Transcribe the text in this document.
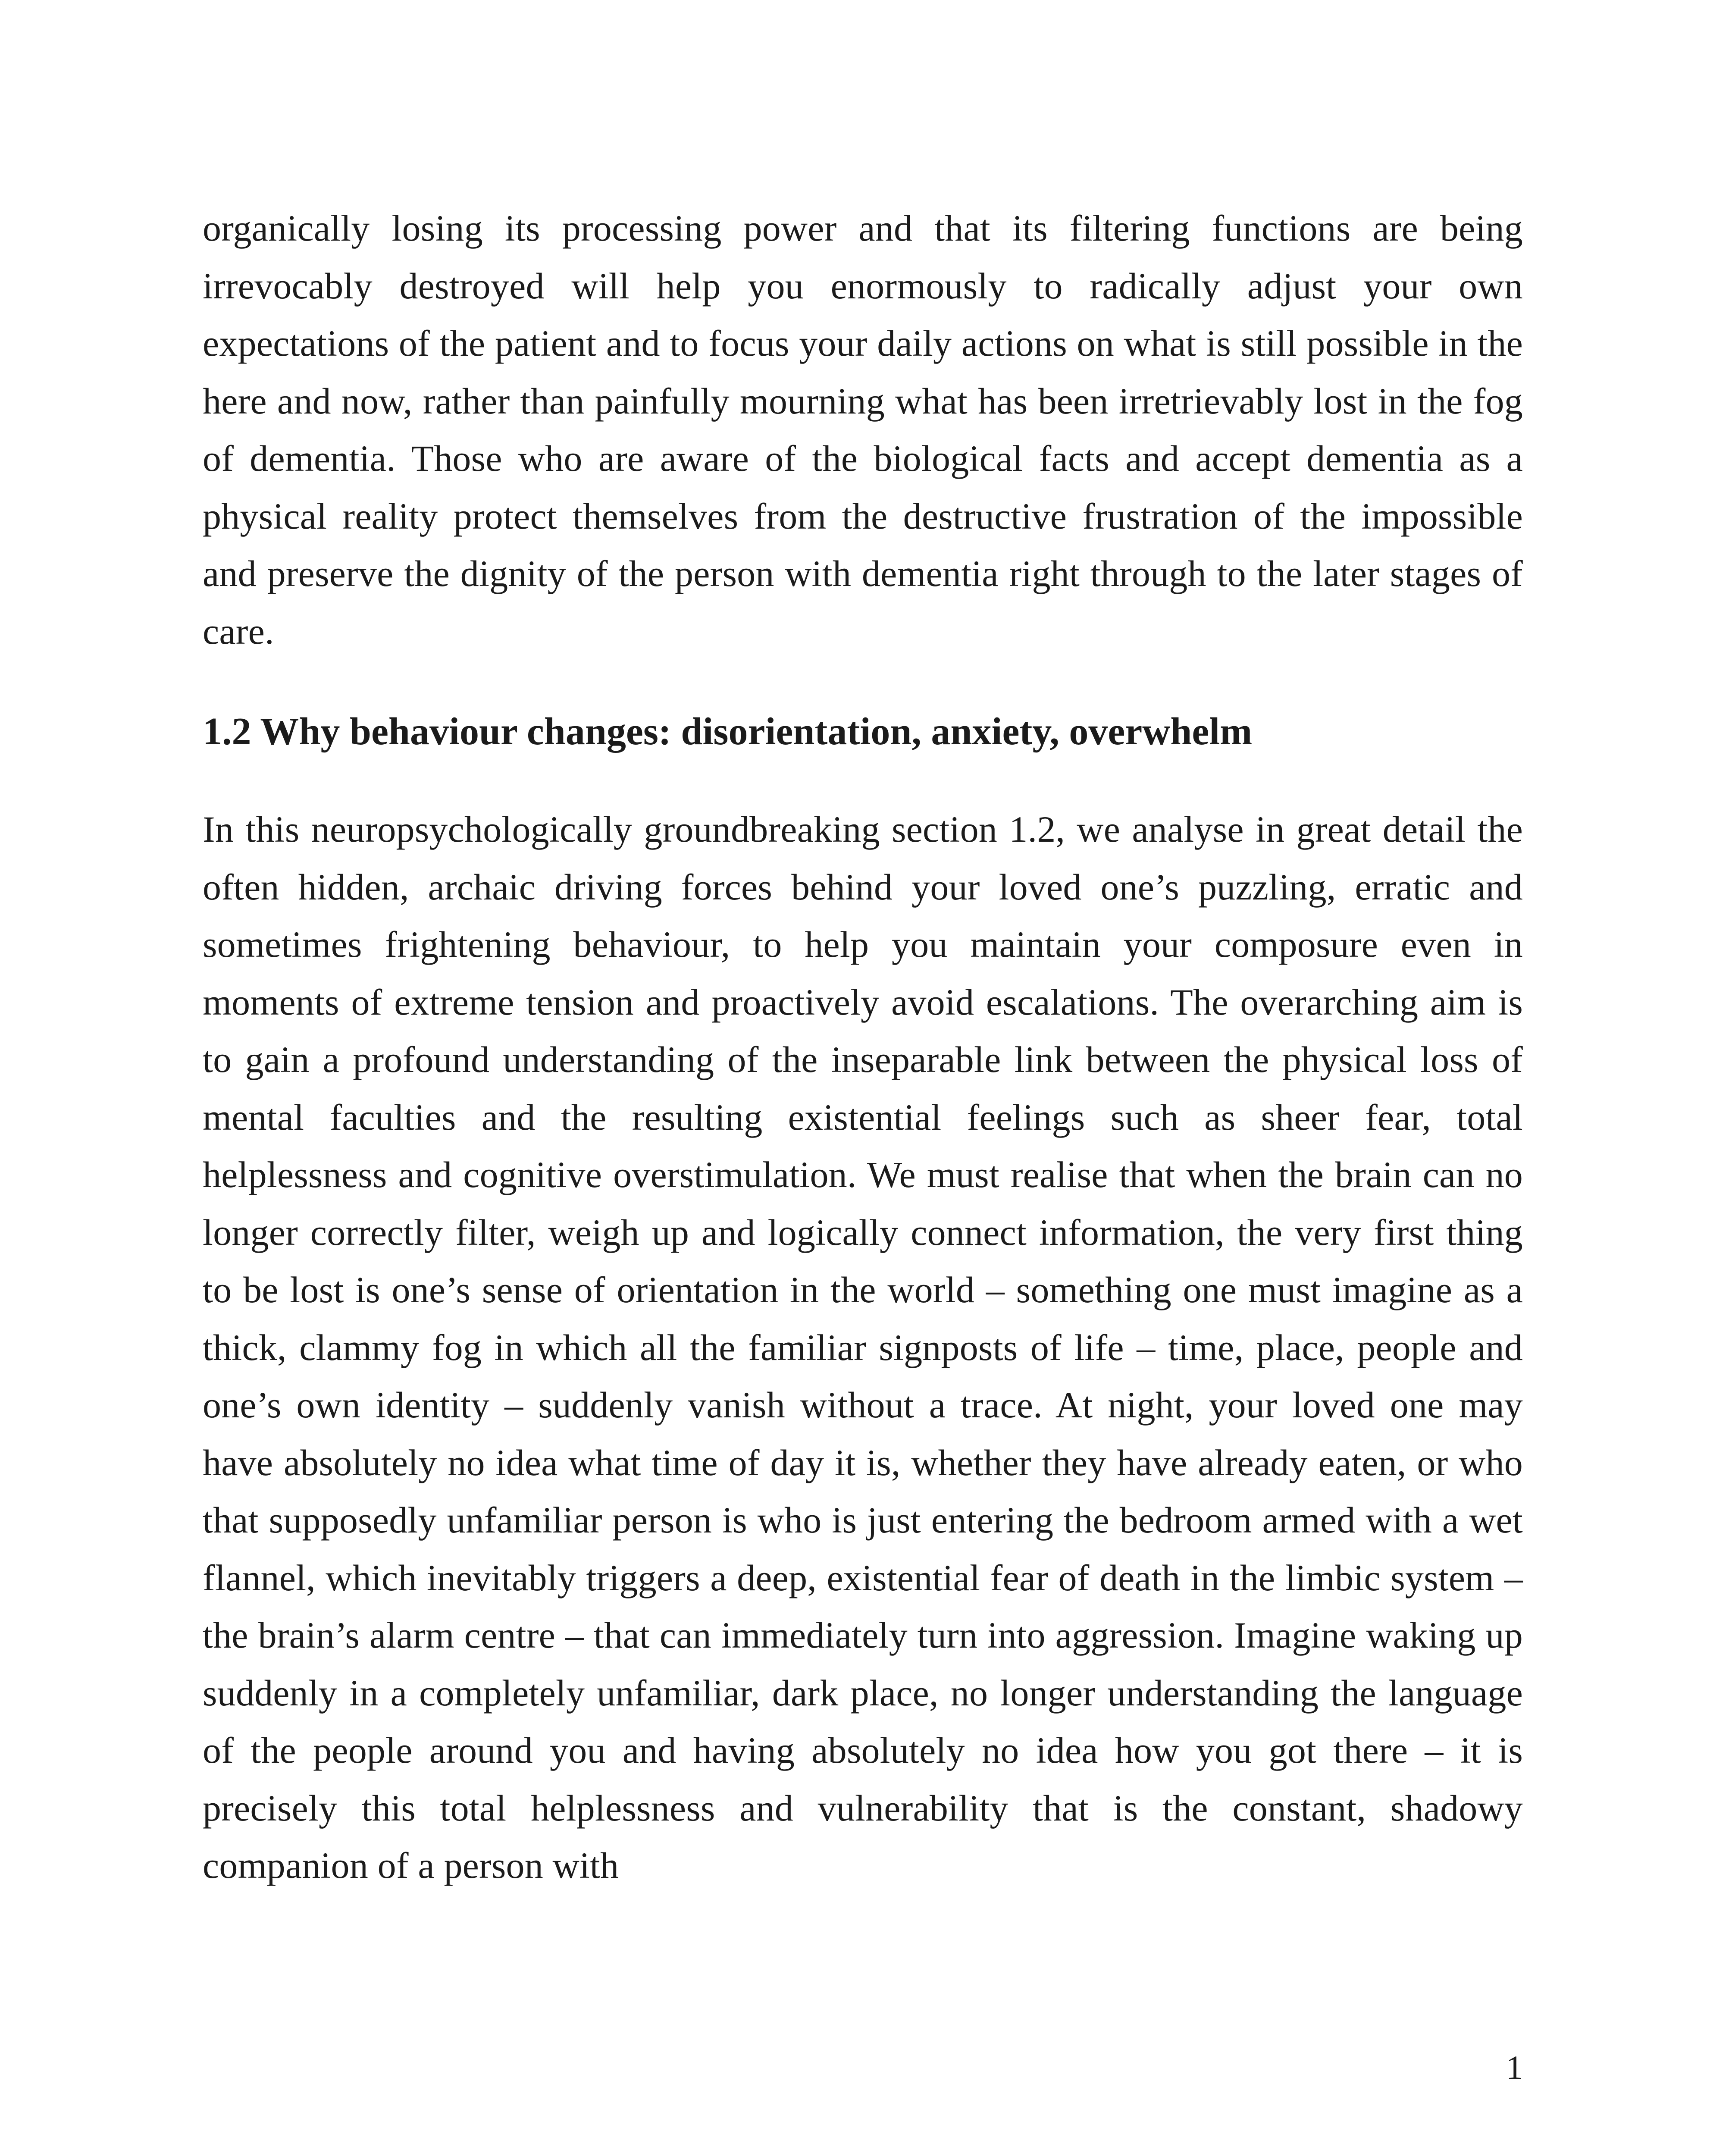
organically losing its processing power and that its filtering functions are being irrevocably destroyed will help you enormously to radically adjust your own expectations of the patient and to focus your daily actions on what is still possible in the here and now, rather than painfully mourning what has been irretrievably lost in the fog of dementia. Those who are aware of the biological facts and accept dementia as a physical reality protect themselves from the destructive frustration of the impossible and preserve the dignity of the person with dementia right through to the later stages of care.

1.2 Why behaviour changes: disorientation, anxiety, overwhelm

In this neuropsychologically groundbreaking section 1.2, we analyse in great detail the often hidden, archaic driving forces behind your loved one’s puzzling, erratic and sometimes frightening behaviour, to help you maintain your composure even in moments of extreme tension and proactively avoid escalations. The overarching aim is to gain a profound understanding of the inseparable link between the physical loss of mental faculties and the resulting existential feelings such as sheer fear, total helplessness and cognitive overstimulation. We must realise that when the brain can no longer correctly filter, weigh up and logically connect information, the very first thing to be lost is one’s sense of orientation in the world – something one must imagine as a thick, clammy fog in which all the familiar signposts of life – time, place, people and one’s own identity – suddenly vanish without a trace. At night, your loved one may have absolutely no idea what time of day it is, whether they have already eaten, or who that supposedly unfamiliar person is who is just entering the bedroom armed with a wet flannel, which inevitably triggers a deep, existential fear of death in the limbic system – the brain’s alarm centre – that can immediately turn into aggression. Imagine waking up suddenly in a completely unfamiliar, dark place, no longer understanding the language of the people around you and having absolutely no idea how you got there – it is precisely this total helplessness and vulnerability that is the constant, shadowy companion of a person with

1
